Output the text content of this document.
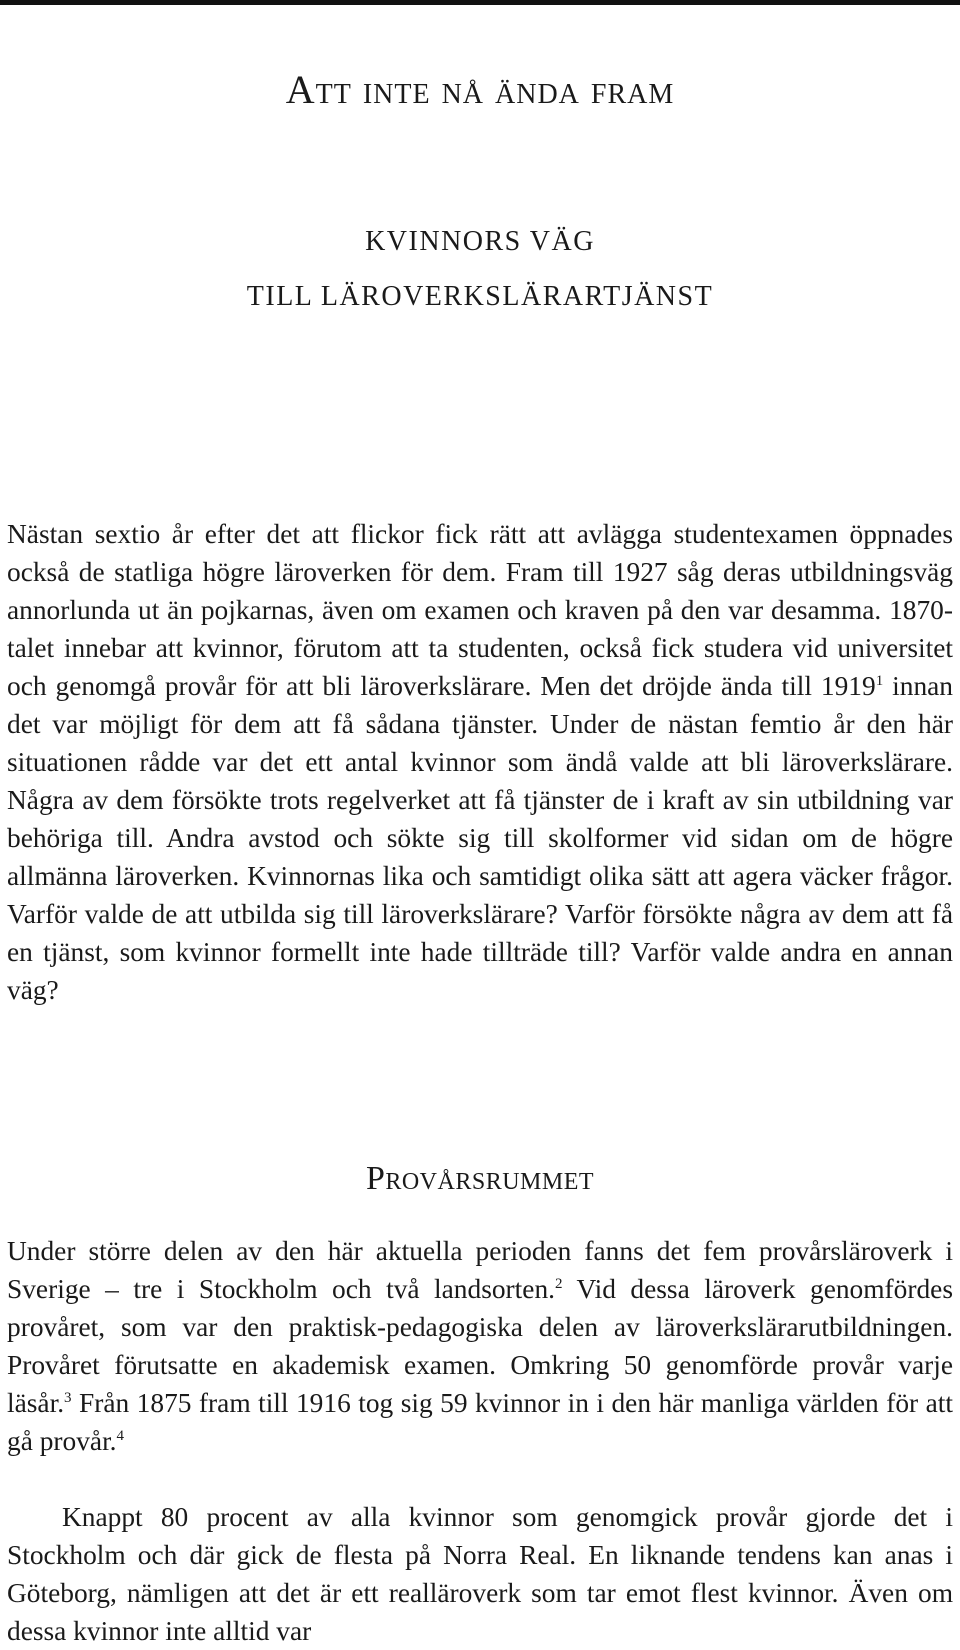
Att inte nå ända fram
KVINNORS VÄG
TILL LÄROVERKSLÄRARTJÄNST

Nästan sextio år efter det att flickor fick rätt att avlägga studentexamen öppnades också de statliga högre läroverken för dem. Fram till 1927 såg deras utbildningsväg annorlunda ut än pojkarnas, även om examen och kraven på den var desamma. 1870-talet innebar att kvinnor, förutom att ta studenten, också fick studera vid universitet och genomgå provår för att bli läroverkslärare. Men det dröjde ända till 1919$^1$ innan det var möjligt för dem att få sådana tjänster. Under de nästan femtio år den här situationen rådde var det ett antal kvinnor som ändå valde att bli läroverkslärare. Några av dem försökte trots regelverket att få tjänster de i kraft av sin utbildning var behöriga till. Andra avstod och sökte sig till skolformer vid sidan om de högre allmänna läroverken. Kvinnornas lika och samtidigt olika sätt att agera väcker frågor. Varför valde de att utbilda sig till läroverkslärare? Varför försökte några av dem att få en tjänst, som kvinnor formellt inte hade tillträde till? Varför valde andra en annan väg?

Provårsrummet

Under större delen av den här aktuella perioden fanns det fem provårsläroverk i Sverige – tre i Stockholm och två landsorten.$^2$ Vid dessa läroverk genomfördes provåret, som var den praktisk-pedagogiska delen av läroverkslärarutbildningen. Provåret förutsatte en akademisk examen. Omkring 50 genomförde provår varje läsår.$^3$ Från 1875 fram till 1916 tog sig 59 kvinnor in i den här manliga världen för att gå provår.$^4$

Knappt 80 procent av alla kvinnor som genomgick provår gjorde det i Stockholm och där gick de flesta på Norra Real. En liknande tendens kan anas i Göteborg, nämligen att det är ett realläroverk som tar emot flest kvinnor. Även om dessa kvinnor inte alltid var
